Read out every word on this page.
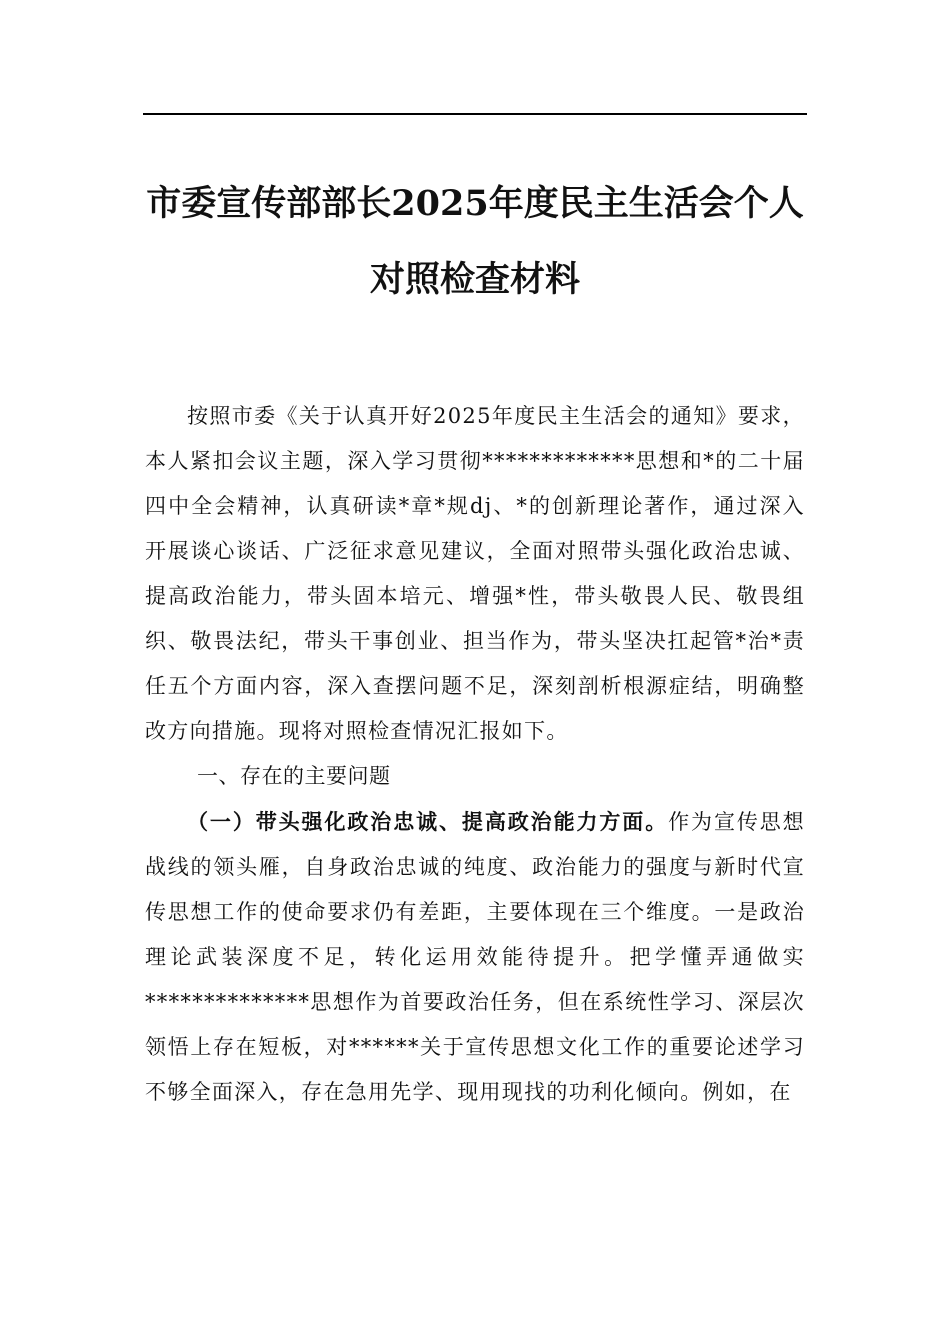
市委宣传部部长2025年度民主生活会个人
对照检查材料

按照市委《关于认真开好2025年度民主生活会的通知》要求，本人紧扣会议主题，深入学习贯彻*************思想和*的二十届四中全会精神，认真研读*章*规dj、*的创新理论著作，通过深入开展谈心谈话、广泛征求意见建议，全面对照带头强化政治忠诚、提高政治能力，带头固本培元、增强*性，带头敬畏人民、敬畏组织、敬畏法纪，带头干事创业、担当作为，带头坚决扛起管*治*责任五个方面内容，深入查摆问题不足，深刻剖析根源症结，明确整改方向措施。现将对照检查情况汇报如下。

一、存在的主要问题

（一）带头强化政治忠诚、提高政治能力方面。作为宣传思想战线的领头雁，自身政治忠诚的纯度、政治能力的强度与新时代宣传思想工作的使命要求仍有差距，主要体现在三个维度。一是政治理论武装深度不足，转化运用效能待提升。把学懂弄通做实**************思想作为首要政治任务，但在系统性学习、深层次领悟上存在短板，对******关于宣传思想文化工作的重要论述学习不够全面深入，存在急用先学、现用现找的功利化倾向。例如，在
